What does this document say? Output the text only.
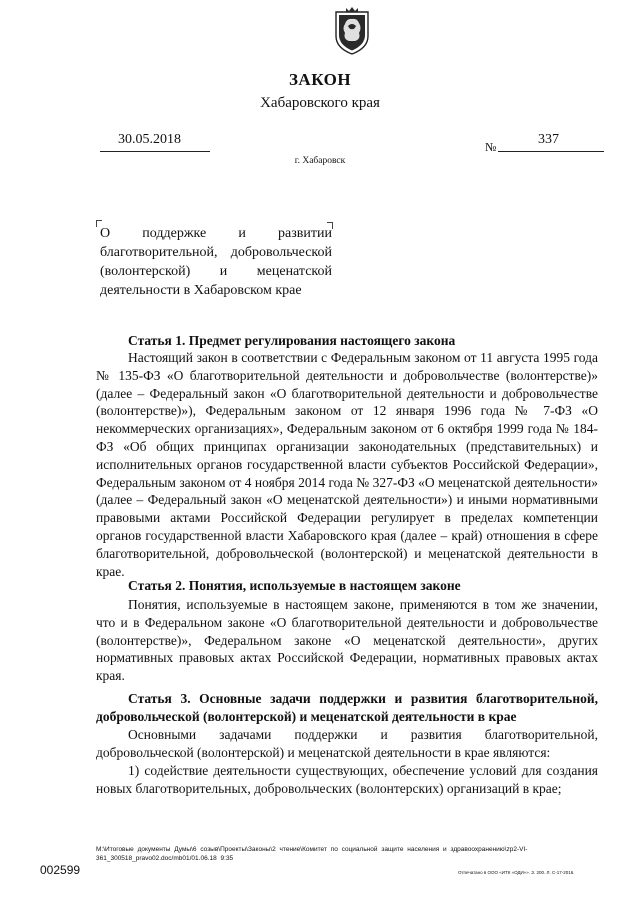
ЗАКОН
Хабаровского края
30.05.2018	№	337
г. Хабаровск
О поддержке и развитии благотворительной, добровольческой (волонтерской) и меценатской деятельности в Хабаровском крае
Статья 1. Предмет регулирования настоящего закона
Настоящий закон в соответствии с Федеральным законом от 11 августа 1995 года № 135-ФЗ «О благотворительной деятельности и добровольчестве (волонтерстве)» (далее – Федеральный закон «О благотворительной деятельности и добровольчестве (волонтерстве)»), Федеральным законом от 12 января 1996 года № 7-ФЗ «О некоммерческих организациях», Федеральным законом от 6 октября 1999 года № 184-ФЗ «Об общих принципах организации законодательных (представительных) и исполнительных органов государственной власти субъектов Российской Федерации», Федеральным законом от 4 ноября 2014 года № 327-ФЗ «О меценатской деятельности» (далее – Федеральный закон «О меценатской деятельности») и иными нормативными правовыми актами Российской Федерации регулирует в пределах компетенции органов государственной власти Хабаровского края (далее – край) отношения в сфере благотворительной, добровольческой (волонтерской) и меценатской деятельности в крае.
Статья 2. Понятия, используемые в настоящем законе
Понятия, используемые в настоящем законе, применяются в том же значении, что и в Федеральном законе «О благотворительной деятельности и добровольчестве (волонтерстве)», Федеральном законе «О меценатской деятельности», других нормативных правовых актах Российской Федерации, нормативных правовых актах края.
Статья 3. Основные задачи поддержки и развития благотворительной, добровольческой (волонтерской) и меценатской деятельности в крае
Основными задачами поддержки и развития благотворительной, добровольческой (волонтерской) и меценатской деятельности в крае являются:
1) содействие деятельности существующих, обеспечение условий для создания новых благотворительных, добровольческих (волонтерских) организаций в крае;
M:\Итоговые документы Думы\6 созыв\Проекты\Законы\2 чтение\Комитет по социальной защите населения и здравоохранению\zp2-VI-361_300518_pravo02.doc/mb01/01.06.18 9:35
002599	Отпечатано в ООО «ИТК «ОДИ»». З. 200. Л. С-17-2016.
